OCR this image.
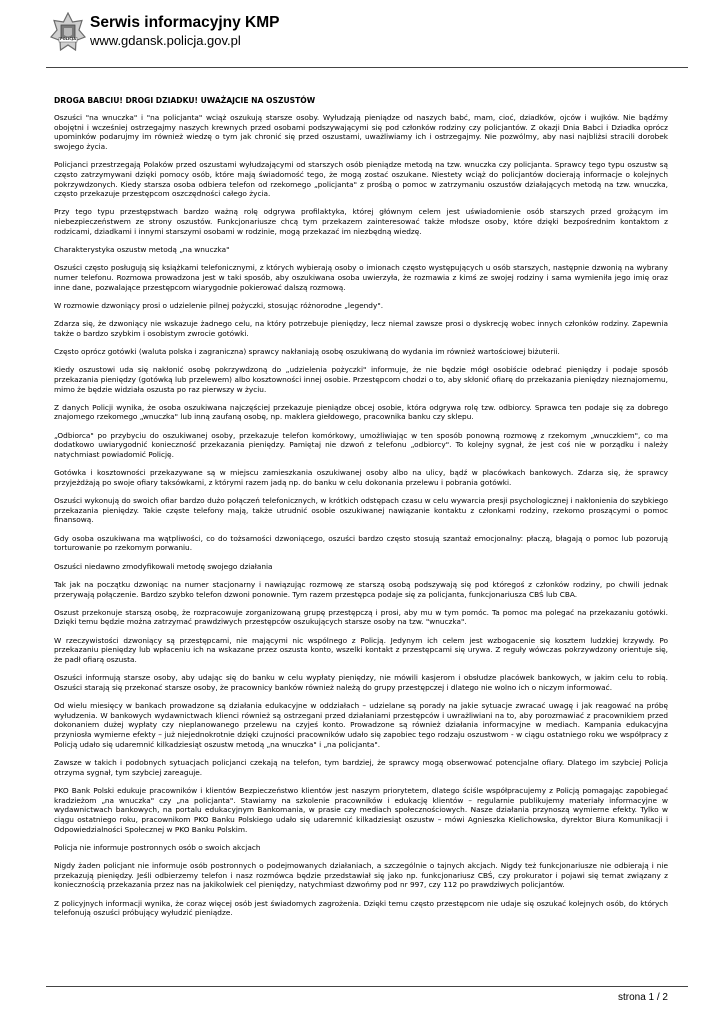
POLICJA
Serwis informacyjny KMP
www.gdansk.policja.gov.pl
DROGA BABCIU! DROGI DZIADKU! UWAŻAJCIE NA OSZUSTÓW

Oszuści "na wnuczka" i "na policjanta" wciąż oszukują starsze osoby. Wyłudzają pieniądze od naszych babć, mam, cioć, dziadków, ojców i wujków. Nie bądźmy obojętni i wcześniej ostrzegajmy naszych krewnych przed osobami podszywającymi się pod członków rodziny czy policjantów. Z okazji Dnia Babci i Dziadka oprócz upominków podarujmy im również wiedzę o tym jak chronić się przed oszustami, uważliwiamy ich i ostrzegajmy. Nie pozwólmy, aby nasi najbliżsi stracili dorobek swojego życia.

Policjanci przestrzegają Polaków przed oszustami wyłudzającymi od starszych osób pieniądze metodą na tzw. wnuczka czy policjanta. Sprawcy tego typu oszustw są często zatrzymywani dzięki pomocy osób, które mają świadomość tego, że mogą zostać oszukane. Niestety wciąż do policjantów docierają informacje o kolejnych pokrzywdzonych. Kiedy starsza osoba odbiera telefon od rzekomego „policjanta" z prośbą o pomoc w zatrzymaniu oszustów działających metodą na tzw. wnuczka, często przekazuje przestępcom oszczędności całego życia.

Przy tego typu przestępstwach bardzo ważną rolę odgrywa profilaktyka, której głównym celem jest uświadomienie osób starszych przed grożącym im niebezpieczeństwem ze strony oszustów. Funkcjonariusze chcą tym przekazem zainteresować także młodsze osoby, które dzięki bezpośrednim kontaktom z rodzicami, dziadkami i innymi starszymi osobami w rodzinie, mogą przekazać im niezbędną wiedzę.

Charakterystyka oszustw metodą „na wnuczka"

Oszuści często posługują się książkami telefonicznymi, z których wybierają osoby o imionach często występujących u osób starszych, następnie dzwonią na wybrany numer telefonu. Rozmowa prowadzona jest w taki sposób, aby oszukiwana osoba uwierzyła, że rozmawia z kimś ze swojej rodziny i sama wymieniła jego imię oraz inne dane, pozwalające przestępcom wiarygodnie pokierować dalszą rozmową.

W rozmowie dzwoniący prosi o udzielenie pilnej pożyczki, stosując różnorodne „legendy".

Zdarza się, że dzwoniący nie wskazuje żadnego celu, na który potrzebuje pieniędzy, lecz niemal zawsze prosi o dyskrecję wobec innych członków rodziny. Zapewnia także o bardzo szybkim i osobistym zwrocie gotówki.

Często oprócz gotówki (waluta polska i zagraniczna) sprawcy nakłaniają osobę oszukiwaną do wydania im również wartościowej biżuterii.

Kiedy oszustowi uda się nakłonić osobę pokrzywdzoną do „udzielenia pożyczki" informuje, że nie będzie mógł osobiście odebrać pieniędzy i podaje sposób przekazania pieniędzy (gotówką lub przelewem) albo kosztowności innej osobie. Przestępcom chodzi o to, aby skłonić ofiarę do przekazania pieniędzy nieznajomemu, mimo że będzie widziała oszusta po raz pierwszy w życiu.

Z danych Policji wynika, że osoba oszukiwana najczęściej przekazuje pieniądze obcej osobie, która odgrywa rolę tzw. odbiorcy. Sprawca ten podaje się za dobrego znajomego rzekomego „wnuczka" lub inną zaufaną osobę, np. maklera giełdowego, pracownika banku czy sklepu.

„Odbiorca" po przybyciu do oszukiwanej osoby, przekazuje telefon komórkowy, umożliwiając w ten sposób ponowną rozmowę z rzekomym „wnuczkiem", co ma dodatkowo uwiarygodnić konieczność przekazania pieniędzy. Pamiętaj nie dzwoń z telefonu „odbiorcy". To kolejny sygnał, że jest coś nie w porządku i należy natychmiast powiadomić Policję.

Gotówka i kosztowności przekazywane są w miejscu zamieszkania oszukiwanej osoby albo na ulicy, bądź w placówkach bankowych. Zdarza się, że sprawcy przyjeżdżają po swoje ofiary taksówkami, z którymi razem jadą np. do banku w celu dokonania przelewu i pobrania gotówki.

Oszuści wykonują do swoich ofiar bardzo dużo połączeń telefonicznych, w krótkich odstępach czasu w celu wywarcia presji psychologicznej i nakłonienia do szybkiego przekazania pieniędzy. Takie częste telefony mają, także utrudnić osobie oszukiwanej nawiązanie kontaktu z członkami rodziny, rzekomo proszącymi o pomoc finansową.

Gdy osoba oszukiwana ma wątpliwości, co do tożsamości dzwoniącego, oszuści bardzo często stosują szantaż emocjonalny: płaczą, błagają o pomoc lub pozorują torturowanie po rzekomym porwaniu.

Oszuści niedawno zmodyfikowali metodę swojego działania

Tak jak na początku dzwoniąc na numer stacjonarny i nawiązując rozmowę ze starszą osobą podszywają się pod któregoś z członków rodziny, po chwili jednak przerywają połączenie. Bardzo szybko telefon dzwoni ponownie. Tym razem przestępca podaje się za policjanta, funkcjonariusza CBŚ lub CBA.

Oszust przekonuje starszą osobę, że rozpracowuje zorganizowaną grupę przestępczą i prosi, aby mu w tym pomóc. Ta pomoc ma polegać na przekazaniu gotówki. Dzięki temu będzie można zatrzymać prawdziwych przestępców oszukujących starsze osoby na tzw. "wnuczka".

W rzeczywistości dzwoniący są przestępcami, nie mającymi nic wspólnego z Policją. Jedynym ich celem jest wzbogacenie się kosztem ludzkiej krzywdy. Po przekazaniu pieniędzy lub wpłaceniu ich na wskazane przez oszusta konto, wszelki kontakt z przestępcami się urywa. Z reguły wówczas pokrzywdzony orientuje się, że padł ofiarą oszusta.

Oszuści informują starsze osoby, aby udając się do banku w celu wypłaty pieniędzy, nie mówili kasjerom i obsłudze placówek bankowych, w jakim celu to robią. Oszuści starają się przekonać starsze osoby, że pracownicy banków również należą do grupy przestępczej i dlatego nie wolno ich o niczym informować.

Od wielu miesięcy w bankach prowadzone są działania edukacyjne w oddziałach – udzielane są porady na jakie sytuacje zwracać uwagę i jak reagować na próbę wyłudzenia. W bankowych wydawnictwach klienci również są ostrzegani przed działaniami przestępców i uwrażliwiani na to, aby porozmawiać z pracownikiem przed dokonaniem dużej wypłaty czy nieplanowanego przelewu na czyjeś konto. Prowadzone są również działania informacyjne w mediach. Kampania edukacyjna przyniosła wymierne efekty – już niejednokrotnie dzięki czujności pracowników udało się zapobiec tego rodzaju oszustwom - w ciągu ostatniego roku we współpracy z Policją udało się udaremnić kilkadziesiąt oszustw metodą „na wnuczka" i „na policjanta".

Zawsze w takich i podobnych sytuacjach policjanci czekają na telefon, tym bardziej, że sprawcy mogą obserwować potencjalne ofiary. Dlatego im szybciej Policja otrzyma sygnał, tym szybciej zareaguje.

PKO Bank Polski edukuje pracowników i klientów Bezpieczeństwo klientów jest naszym priorytetem, dlatego ściśle współpracujemy z Policją pomagając zapobiegać kradzieżom „na wnuczka" czy „na policjanta". Stawiamy na szkolenie pracowników i edukację klientów – regularnie publikujemy materiały informacyjne w wydawnictwach bankowych, na portalu edukacyjnym Bankomania, w prasie czy mediach społecznościowych. Nasze działania przynoszą wymierne efekty. Tylko w ciągu ostatniego roku, pracownikom PKO Banku Polskiego udało się udaremnić kilkadziesiąt oszustw – mówi Agnieszka Kielichowska, dyrektor Biura Komunikacji i Odpowiedzialności Społecznej w PKO Banku Polskim.

Policja nie informuje postronnych osób o swoich akcjach

Nigdy żaden policjant nie informuje osób postronnych o podejmowanych działaniach, a szczególnie o tajnych akcjach. Nigdy też funkcjonariusze nie odbierają i nie przekazują pieniędzy. Jeśli odbierzemy telefon i nasz rozmówca będzie przedstawiał się jako np. funkcjonariusz CBŚ, czy prokurator i pojawi się temat związany z koniecznością przekazania przez nas na jakikolwiek cel pieniędzy, natychmiast dzwońmy pod nr 997, czy 112 po prawdziwych policjantów.

Z policyjnych informacji wynika, że coraz więcej osób jest świadomych zagrożenia. Dzięki temu często przestępcom nie udaje się oszukać kolejnych osób, do których telefonują oszuści próbujący wyłudzić pieniądze.

strona 1 / 2
